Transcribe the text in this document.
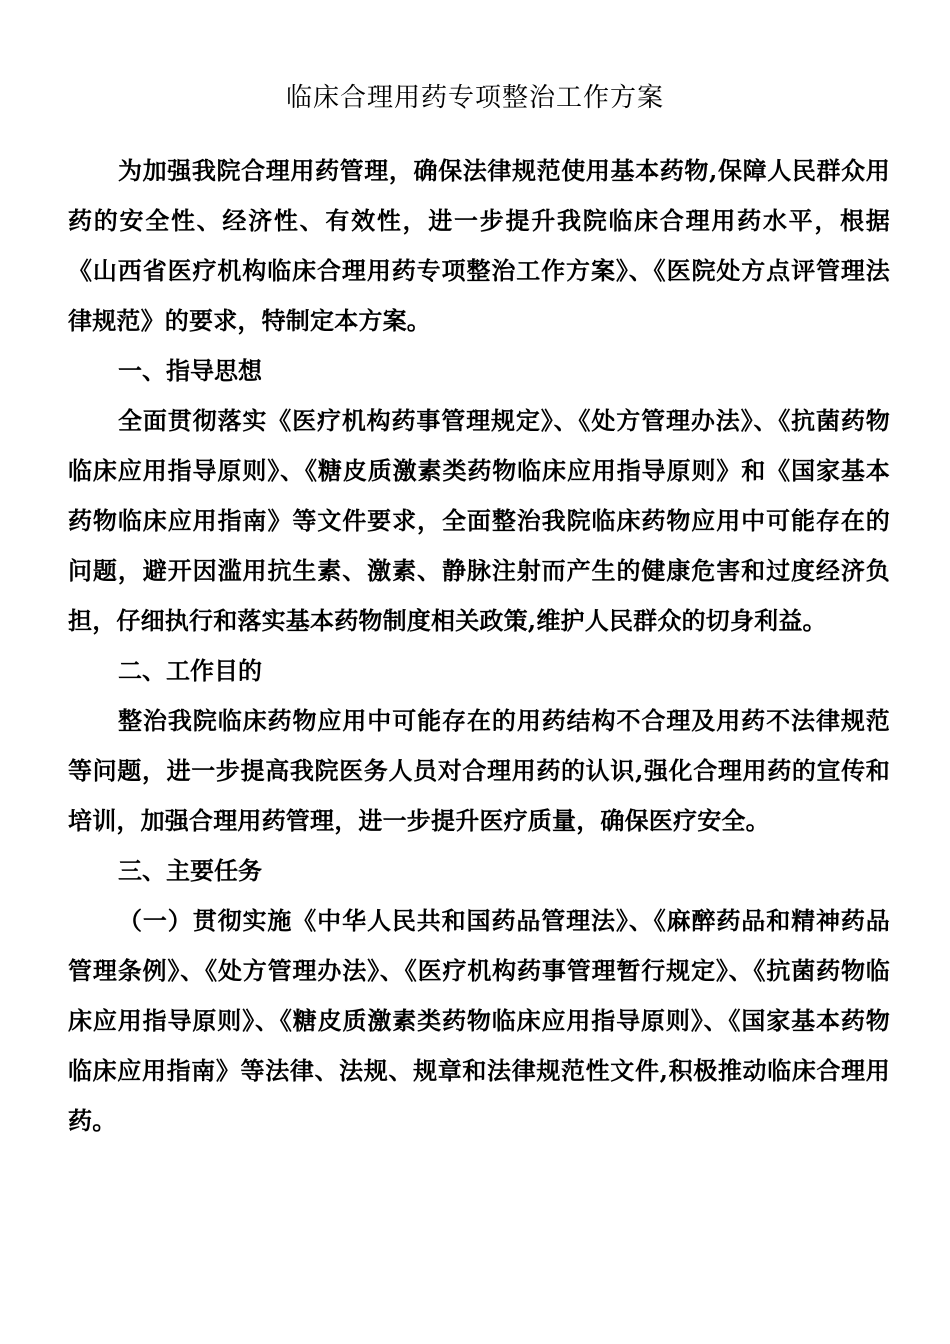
临床合理用药专项整治工作方案

为加强我院合理用药管理，确保法律规范使用基本药物,保障人民群众用药的安全性、经济性、有效性，进一步提升我院临床合理用药水平，根据《山西省医疗机构临床合理用药专项整治工作方案》、《医院处方点评管理法律规范》的要求，特制定本方案。

一、指导思想

全面贯彻落实《医疗机构药事管理规定》、《处方管理办法》、《抗菌药物临床应用指导原则》、《糖皮质激素类药物临床应用指导原则》和《国家基本药物临床应用指南》等文件要求，全面整治我院临床药物应用中可能存在的问题，避开因滥用抗生素、激素、静脉注射而产生的健康危害和过度经济负担，仔细执行和落实基本药物制度相关政策,维护人民群众的切身利益。

二、工作目的

整治我院临床药物应用中可能存在的用药结构不合理及用药不法律规范等问题，进一步提高我院医务人员对合理用药的认识,强化合理用药的宣传和培训，加强合理用药管理，进一步提升医疗质量，确保医疗安全。

三、主要任务

（一）贯彻实施《中华人民共和国药品管理法》、《麻醉药品和精神药品管理条例》、《处方管理办法》、《医疗机构药事管理暂行规定》、《抗菌药物临床应用指导原则》、《糖皮质激素类药物临床应用指导原则》、《国家基本药物临床应用指南》等法律、法规、规章和法律规范性文件,积极推动临床合理用药。
